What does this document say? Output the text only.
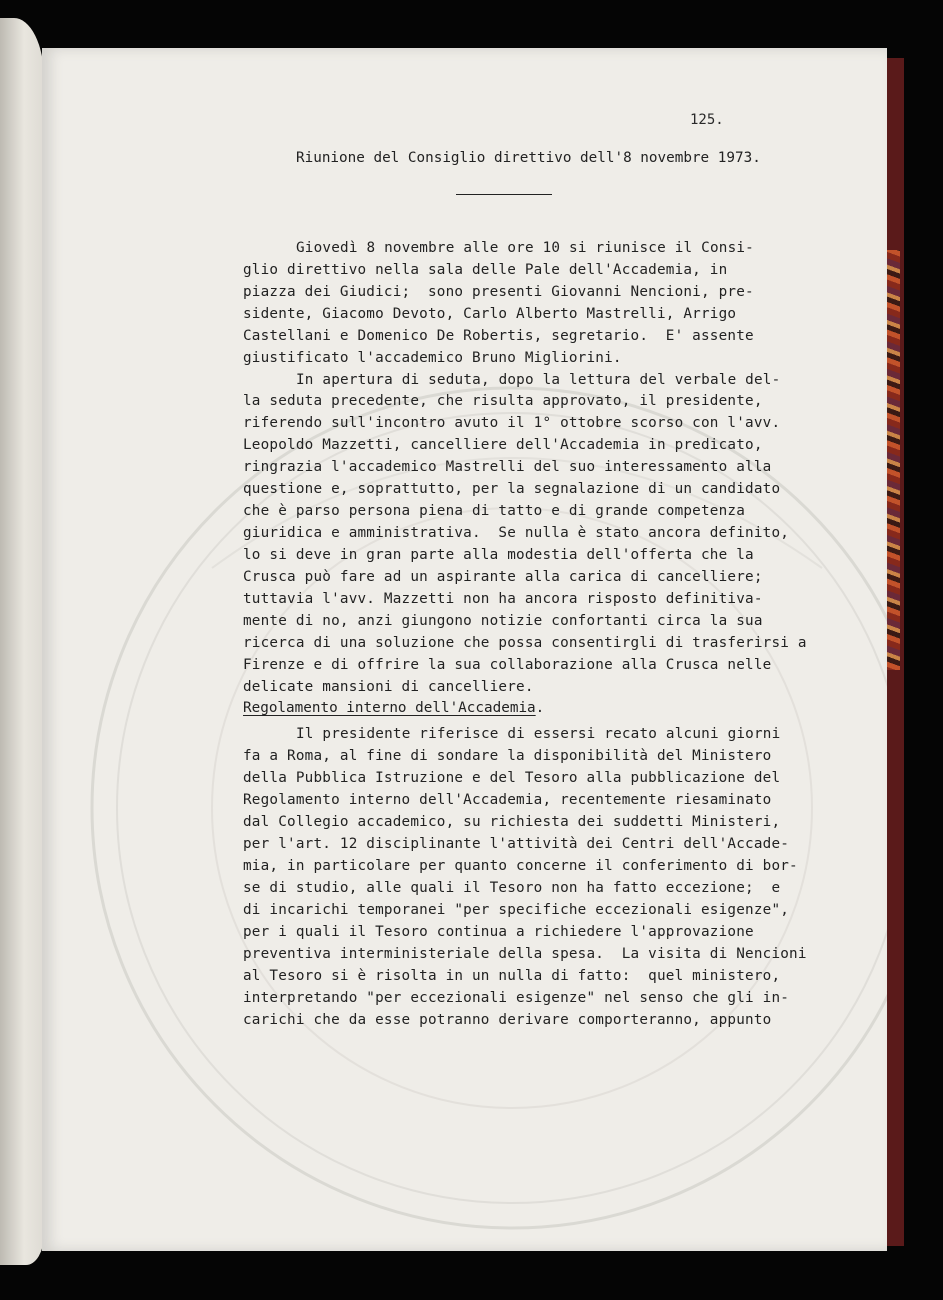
125.
Riunione del Consiglio direttivo dell'8 novembre 1973.
Giovedì 8 novembre alle ore 10 si riunisce il Consi-
glio direttivo nella sala delle Pale dell'Accademia, in
piazza dei Giudici;  sono presenti Giovanni Nencioni, pre-
sidente, Giacomo Devoto, Carlo Alberto Mastrelli, Arrigo
Castellani e Domenico De Robertis, segretario.  E' assente
giustificato l'accademico Bruno Migliorini.
In apertura di seduta, dopo la lettura del verbale del-
la seduta precedente, che risulta approvato, il presidente,
riferendo sull'incontro avuto il 1° ottobre scorso con l'avv.
Leopoldo Mazzetti, cancelliere dell'Accademia in predicato,
ringrazia l'accademico Mastrelli del suo interessamento alla
questione e, soprattutto, per la segnalazione di un candidato
che è parso persona piena di tatto e di grande competenza
giuridica e amministrativa.  Se nulla è stato ancora definito,
lo si deve in gran parte alla modestia dell'offerta che la
Crusca può fare ad un aspirante alla carica di cancelliere;
tuttavia l'avv. Mazzetti non ha ancora risposto definitiva-
mente di no, anzi giungono notizie confortanti circa la sua
ricerca di una soluzione che possa consentirgli di trasferirsi a
Firenze e di offrire la sua collaborazione alla Crusca nelle
delicate mansioni di cancelliere.
Il presidente riferisce di essersi recato alcuni giorni
fa a Roma, al fine di sondare la disponibilità del Ministero
della Pubblica Istruzione e del Tesoro alla pubblicazione del
Regolamento interno dell'Accademia, recentemente riesaminato
dal Collegio accademico, su richiesta dei suddetti Ministeri,
per l'art. 12 disciplinante l'attività dei Centri dell'Accade-
mia, in particolare per quanto concerne il conferimento di bor-
se di studio, alle quali il Tesoro non ha fatto eccezione;  e
di incarichi temporanei "per specifiche eccezionali esigenze",
per i quali il Tesoro continua a richiedere l'approvazione
preventiva interministeriale della spesa.  La visita di Nencioni
al Tesoro si è risolta in un nulla di fatto:  quel ministero,
interpretando "per eccezionali esigenze" nel senso che gli in-
carichi che da esse potranno derivare comporteranno, appunto
Regolamento interno dell'Accademia.
